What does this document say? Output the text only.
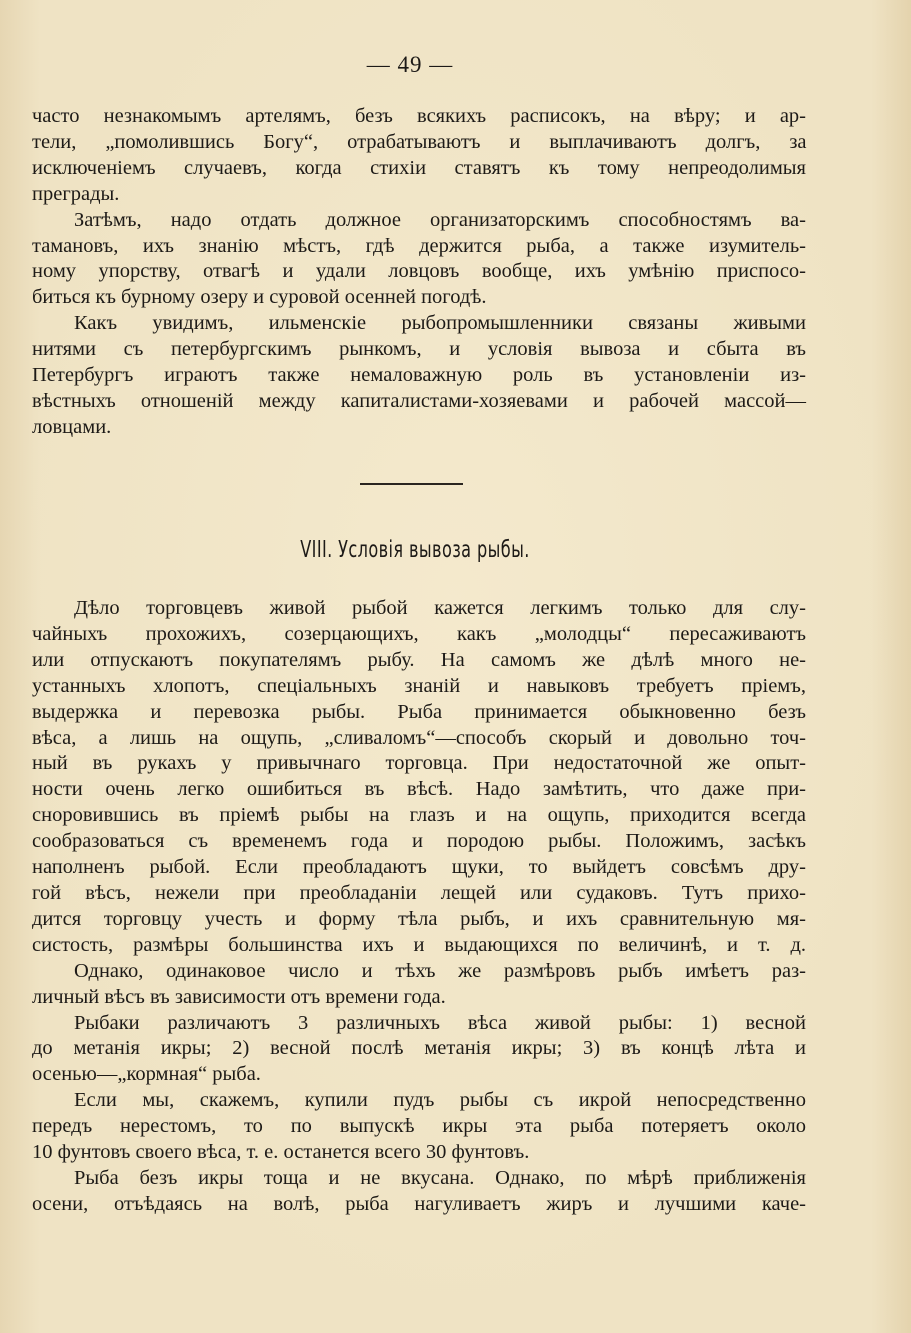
— 49 —
часто незнакомымъ артелямъ, безъ всякихъ расписокъ, на вѣру; и ар-
тели, „помолившись Богу“, отрабатываютъ и выплачиваютъ долгъ, за
исключеніемъ случаевъ, когда стихіи ставятъ къ тому непреодолимыя
преграды.
Затѣмъ, надо отдать должное организаторскимъ способностямъ ва-
тамановъ, ихъ знанію мѣстъ, гдѣ держится рыба, а также изумитель-
ному упорству, отвагѣ и удали ловцовъ вообще, ихъ умѣнію приспосо-
биться къ бурному озеру и суровой осенней погодѣ.
Какъ увидимъ, ильменскіе рыбопромышленники связаны живыми
нитями съ петербургскимъ рынкомъ, и условія вывоза и сбыта въ
Петербургъ играютъ также немаловажную роль въ установленіи из-
вѣстныхъ отношеній между капиталистами-хозяевами и рабочей массой—
ловцами.
VIII. Условія вывоза рыбы.
Дѣло торговцевъ живой рыбой кажется легкимъ только для слу-
чайныхъ прохожихъ, созерцающихъ, какъ „молодцы“ пересаживаютъ
или отпускаютъ покупателямъ рыбу. На самомъ же дѣлѣ много не-
устанныхъ хлопотъ, спеціальныхъ знаній и навыковъ требуетъ пріемъ,
выдержка и перевозка рыбы. Рыба принимается обыкновенно безъ
вѣса, а лишь на ощупь, „сливаломъ“—способъ скорый и довольно точ-
ный въ рукахъ у привычнаго торговца. При недостаточной же опыт-
ности очень легко ошибиться въ вѣсѣ. Надо замѣтить, что даже при-
сноровившись въ пріемѣ рыбы на глазъ и на ощупь, приходится всегда
сообразоваться съ временемъ года и породою рыбы. Положимъ, засѣкъ
наполненъ рыбой. Если преобладаютъ щуки, то выйдетъ совсѣмъ дру-
гой вѣсъ, нежели при преобладаніи лещей или судаковъ. Тутъ прихо-
дится торговцу учесть и форму тѣла рыбъ, и ихъ сравнительную мя-
систость, размѣры большинства ихъ и выдающихся по величинѣ, и т. д.
Однако, одинаковое число и тѣхъ же размѣровъ рыбъ имѣетъ раз-
личный вѣсъ въ зависимости отъ времени года.
Рыбаки различаютъ 3 различныхъ вѣса живой рыбы: 1) весной
до метанія икры; 2) весной послѣ метанія икры; 3) въ концѣ лѣта и
осенью—„кормная“ рыба.
Если мы, скажемъ, купили пудъ рыбы съ икрой непосредственно
передъ нерестомъ, то по выпускѣ икры эта рыба потеряетъ около
10 фунтовъ своего вѣса, т. е. останется всего 30 фунтовъ.
Рыба безъ икры тоща и не вкусана. Однако, по мѣрѣ приближенія
осени, отъѣдаясь на волѣ, рыба нагуливаетъ жиръ и лучшими каче-
